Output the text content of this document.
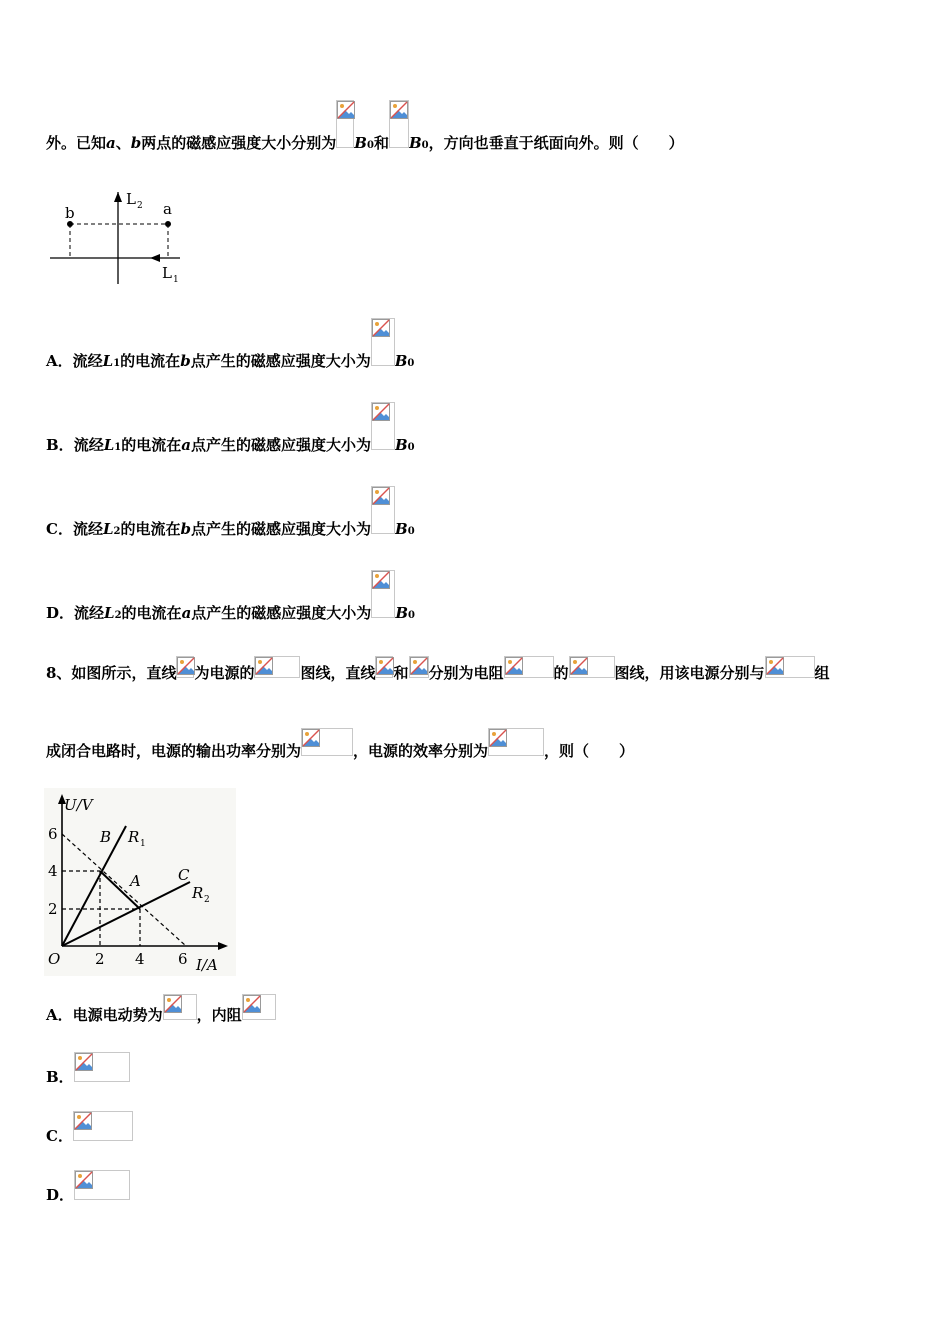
外。已知a、b两点的磁感应强度大小分别为 B0和 B0，方向也垂直于纸面向外。则（　　）
b	a
L 2
L 1
A．流经L1的电流在b点产生的磁感应强度大小为 B0
B．流经L1的电流在a点产生的磁感应强度大小为 B0
C．流经L2的电流在b点产生的磁感应强度大小为 B0
D．流经L2的电流在a点产生的磁感应强度大小为 B0
8、如图所示，直线 为电源的	图线，直线 和 分别为电阻	的	图线，用该电源分别与	组
成闭合电路时，电源的输出功率分别为	，电源的效率分别为	，则（　　）
U/V
I/A
O
B R 1
A C
R 2
6
4
2
2 4 6
A．电源电动势为 ，内阻
B．
C．
D．
